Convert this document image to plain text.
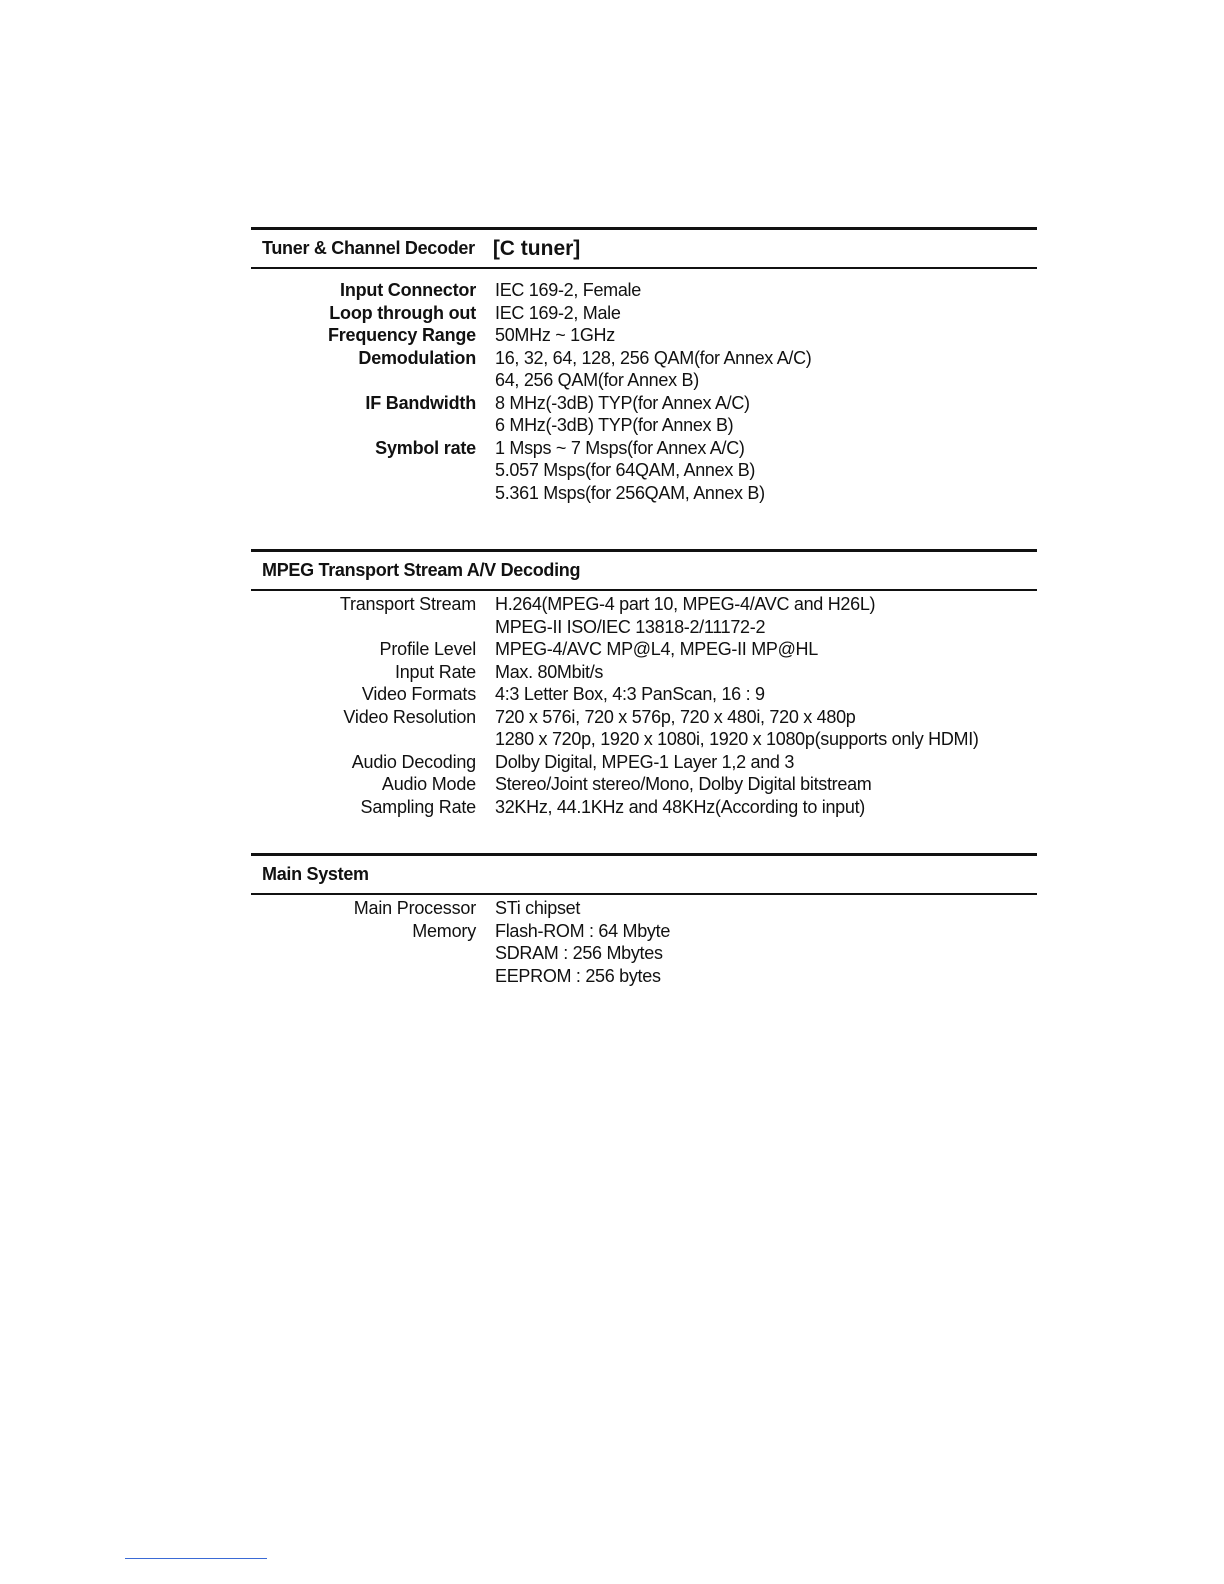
Tuner & Channel Decoder [C tuner]
Input Connector IEC 169-2, Female
Loop through out IEC 169-2, Male
Frequency Range 50MHz ~ 1GHz
Demodulation 16, 32, 64, 128, 256 QAM(for Annex A/C)
64, 256 QAM(for Annex B)
IF Bandwidth 8 MHz(-3dB) TYP(for Annex A/C)
6 MHz(-3dB) TYP(for Annex B)
Symbol rate 1 Msps ~ 7 Msps(for Annex A/C)
5.057 Msps(for 64QAM, Annex B)
5.361 Msps(for 256QAM, Annex B)
MPEG Transport Stream A/V Decoding
Transport Stream H.264(MPEG-4 part 10, MPEG-4/AVC and H26L)
MPEG-II ISO/IEC 13818-2/11172-2
Profile Level MPEG-4/AVC MP@L4, MPEG-II MP@HL
Input Rate Max. 80Mbit/s
Video Formats 4:3 Letter Box, 4:3 PanScan, 16 : 9
Video Resolution 720 x 576i, 720 x 576p, 720 x 480i, 720 x 480p
1280 x 720p, 1920 x 1080i, 1920 x 1080p(supports only HDMI)
Audio Decoding Dolby Digital, MPEG-1 Layer 1,2 and 3
Audio Mode Stereo/Joint stereo/Mono, Dolby Digital bitstream
Sampling Rate 32KHz, 44.1KHz and 48KHz(According to input)
Main System
Main Processor STi chipset
Memory Flash-ROM : 64 Mbyte
SDRAM : 256 Mbytes
EEPROM : 256 bytes
